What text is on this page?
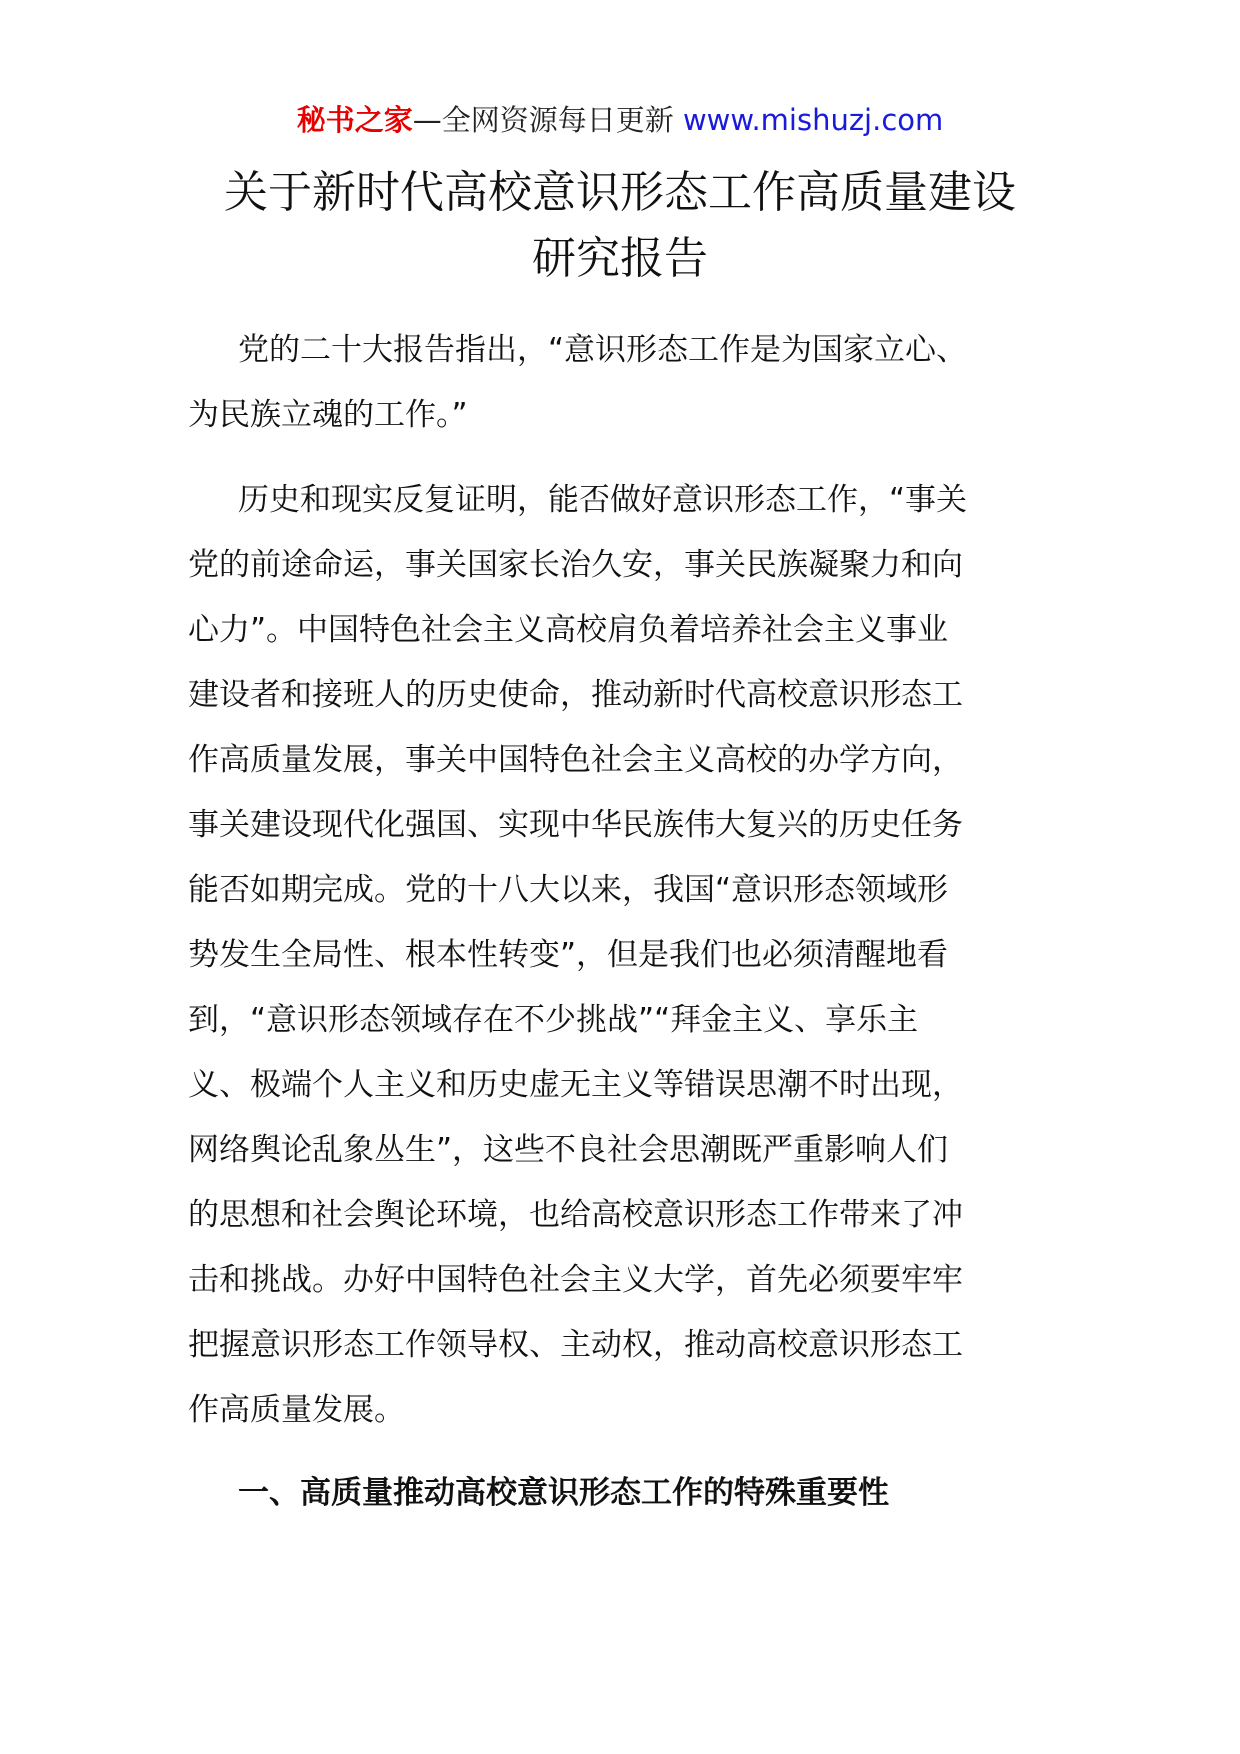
秘书之家—全网资源每日更新 www.mishuzj.com
关于新时代高校意识形态工作高质量建设
研究报告

党的二十大报告指出，“意识形态工作是为国家立心、
为民族立魂的工作。”

历史和现实反复证明，能否做好意识形态工作，“事关
党的前途命运，事关国家长治久安，事关民族凝聚力和向
心力”。中国特色社会主义高校肩负着培养社会主义事业
建设者和接班人的历史使命，推动新时代高校意识形态工
作高质量发展，事关中国特色社会主义高校的办学方向，
事关建设现代化强国、实现中华民族伟大复兴的历史任务
能否如期完成。党的十八大以来，我国“意识形态领域形
势发生全局性、根本性转变”，但是我们也必须清醒地看
到，“意识形态领域存在不少挑战”“拜金主义、享乐主
义、极端个人主义和历史虚无主义等错误思潮不时出现，
网络舆论乱象丛生”，这些不良社会思潮既严重影响人们
的思想和社会舆论环境，也给高校意识形态工作带来了冲
击和挑战。办好中国特色社会主义大学，首先必须要牢牢
把握意识形态工作领导权、主动权，推动高校意识形态工
作高质量发展。

一、高质量推动高校意识形态工作的特殊重要性
